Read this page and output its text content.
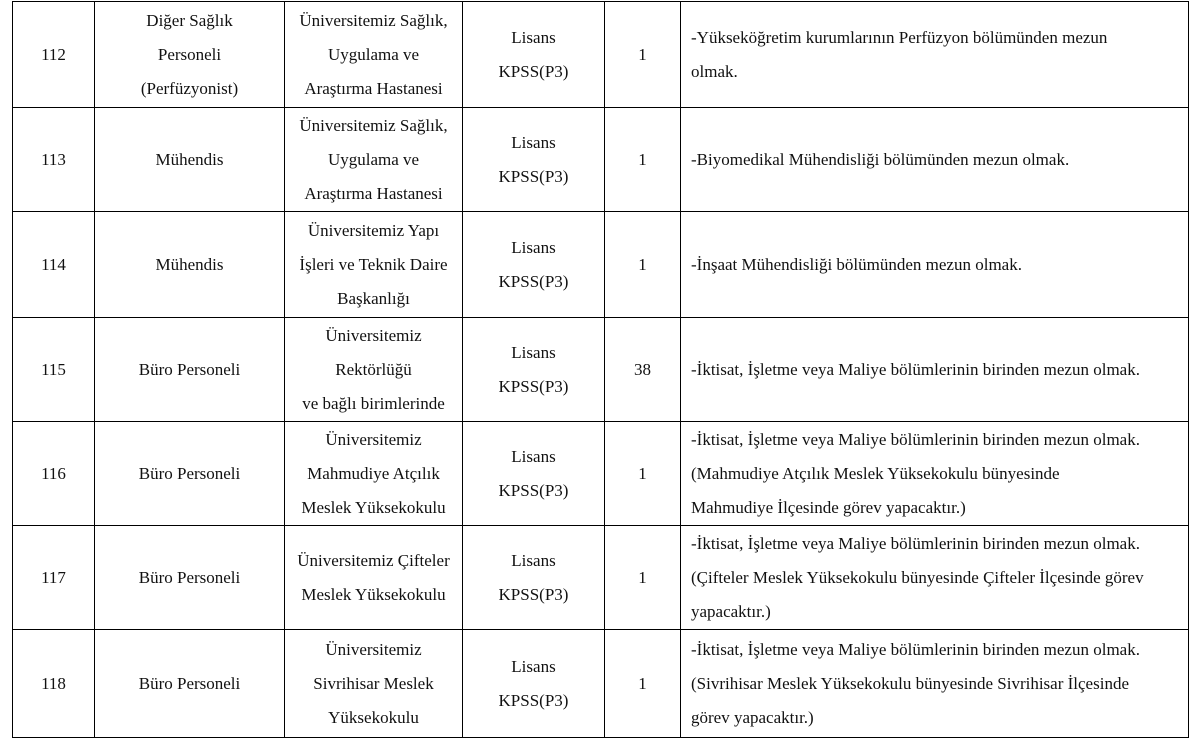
112	Diğer Sağlık
Personeli
(Perfüzyonist)	Üniversitemiz Sağlık,
Uygulama ve
Araştırma Hastanesi	Lisans
KPSS(P3)	1	-Yükseköğretim kurumlarının Perfüzyon bölümünden mezun
olmak.

113	Mühendis	Üniversitemiz Sağlık,
Uygulama ve
Araştırma Hastanesi	Lisans
KPSS(P3)	1	-Biyomedikal Mühendisliği bölümünden mezun olmak.

114	Mühendis	Üniversitemiz Yapı
İşleri ve Teknik Daire
Başkanlığı	Lisans
KPSS(P3)	1	-İnşaat Mühendisliği bölümünden mezun olmak.

115	Büro Personeli	Üniversitemiz
Rektörlüğü
ve bağlı birimlerinde	Lisans
KPSS(P3)	38	-İktisat, İşletme veya Maliye bölümlerinin birinden mezun olmak.

116	Büro Personeli	Üniversitemiz
Mahmudiye Atçılık
Meslek Yüksekokulu	Lisans
KPSS(P3)	1	-İktisat, İşletme veya Maliye bölümlerinin birinden mezun olmak.
(Mahmudiye Atçılık Meslek Yüksekokulu bünyesinde
Mahmudiye İlçesinde görev yapacaktır.)

117	Büro Personeli	Üniversitemiz Çifteler
Meslek Yüksekokulu	Lisans
KPSS(P3)	1	-İktisat, İşletme veya Maliye bölümlerinin birinden mezun olmak.
(Çifteler Meslek Yüksekokulu bünyesinde Çifteler İlçesinde görev
yapacaktır.)

118	Büro Personeli	Üniversitemiz
Sivrihisar Meslek
Yüksekokulu	Lisans
KPSS(P3)	1	-İktisat, İşletme veya Maliye bölümlerinin birinden mezun olmak.
(Sivrihisar Meslek Yüksekokulu bünyesinde Sivrihisar İlçesinde
görev yapacaktır.)
